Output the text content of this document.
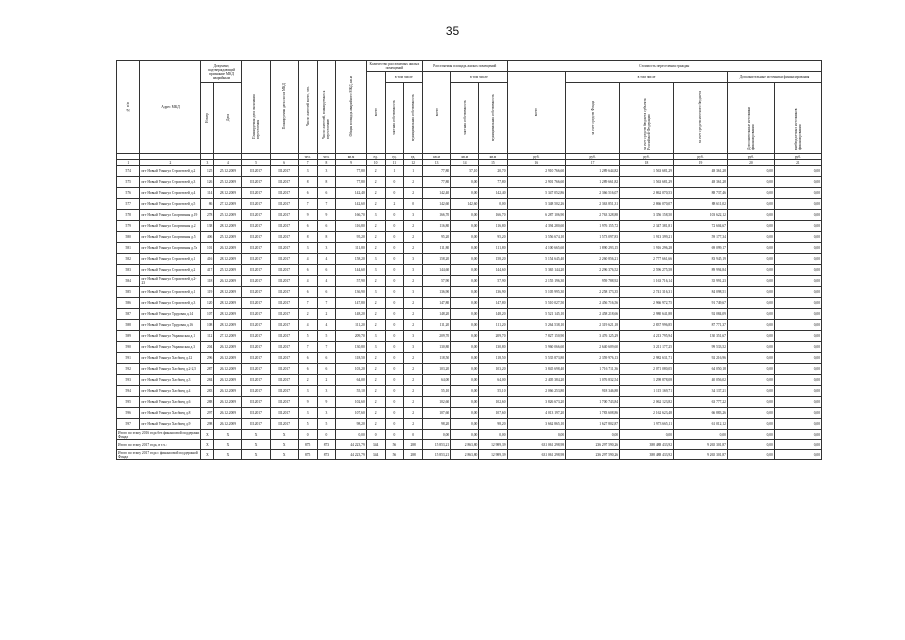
35
№ п/п	Адрес МКД	Документ, подтверждающий признание МКД аварийным		Планируемая дата окончания переселения	Планируемая дата сноса МКД	Число жителей всего, чел.	Число жителей, планируемых к переселению	Общая площадь аварийного МКД, кв.м	Количество расселяемых жилых помещений			Расселяемая площадь жилых помещений			Стоимость переселения граждан					
									всего	в том числе		всего	в том числе		всего	в том числе			Дополнительные источники финансирования	
		Номер	Дата							частная собственность	муниципальная собственность		частная собственность	муниципальная собственность		за счет средств Фонда	за счет средств бюджета субъекта Российской Федерации	за счет средств местного бюджета	Дополнительные источники финансирования	внебюджетных источников финансирования
						чел.	чел.	кв.м	ед.	ед.	ед.	кв.м	кв.м	кв.м	руб.	руб.	руб.	руб.	руб.	руб.
1	2	3	4	5	6	7	8	9	10	11	12	13	14	15	16	17	18	19	20	21
574	пгт Новый Уоянгул Строителей д.2	125	25.12.2009	III.2017	III.2017	3	3	77,80	2	1	1	77,80	57,10	20,70	2 910 766,60	1 289 644,82	1 563 681,29	48 361,28	0,00	0,00
575	пгт Новый Уоянгул Строителей д.3	126	25.12.2009	III.2017	III.2017	8	8	77,80	2	0	2	77,80	0,00	77,80	2 901 766,60	1 289 661,82	1 563 681,29	48 361,28	0,00	0,00
576	пгт Новый Уоянгул Строителей д.4	114	28.12.2009	III.2017	III.2017	6	6	142,40	2	0	2	142,40	0,00	142,40	5 347 052,86	2 366 516,07	2 862 070,53	88 737,46	0,00	0,00
577	пгт Новый Уоянгул Строителей д.5	86	27.12.2009	III.2017	III.2017	7	7	142,60	2	2	0	142,60	142,60	0,00	5 348 502,26	2 363 851,31	2 866 070,07	88 611,02	0,00	0,00
578	пгт Новый Уоянгул Спортивная д.19	278	25.12.2009	III.2017	III.2017	9	9	166,70	3	0	3	166,70	0,00	166,70	6 287 106,90	2 763 328,88	3 356 158,50	103 622,12	0,00	0,00
579	пгт Новый Уоянгул Спортивная д.2	138	28.12.2009	III.2017	III.2017	6	6	116,80	2	0	2	116,80	0,00	116,80	4 394 280,60	1 976 155,72	2 347 381,81	72 604,67	0,00	0,00
580	пгт Новый Уоянгул Спортивная д.5	406	25.12.2009	III.2017	III.2017	8	8	95,20	2	0	2	95,20	0,00	95,20	3 556 674,10	1 573 097,83	1 913 399,21	59 177,34	0,00	0,00
581	пгт Новый Уоянгул Спортивная д.7а	101	26.12.2009	III.2017	III.2017	3	3	111,80	2	0	2	111,80	0,00	111,80	4 100 665,60	1 890 293,15	1 916 296,28	69 099,17	0,00	0,00
582	пгт Новый Уоянгул Строителей д.1	416	28.12.2009	III.2017	III.2017	4	4	158,20	3	0	3	158,20	0,00	158,20	5 154 645,40	2 260 856,21	2 777 661,66	83 945,19	0,00	0,00
583	пгт Новый Уоянгул Строителей д.2	417	25.12.2009	III.2017	III.2017	6	6	144,60	3	0	3	144,60	0,00	144,60	5 365 144,20	2 296 376,52	2 596 275,58	89 994,84	0,00	0,00
584	пгт Новый Уоянгул Строителей д.2-23	118	26.12.2009	III.2017	III.2017	4	4	57,90	2	0	2	57,90	0,00	57,90	2 155 196,30	959 788,92	1 163 716,14	35 991,23	0,00	0,00
585	пгт Новый Уоянгул Строителей д.1	119	28.12.2009	III.2017	III.2017	6	6	136,90	3	0	3	136,90	0,00	136,90	5 105 995,30	2 258 173,35	2 741 316,31	84 098,51	0,00	0,00
586	пгт Новый Уоянгул Строителей д.3	120	28.12.2009	III.2017	III.2017	7	7	147,80	2	0	2	147,80	0,00	147,80	5 510 027,50	2 456 716,56	2 966 972,75	91 749,67	0,00	0,00
587	пгт Новый Уоянгул Трудовая д.14	107	28.12.2009	III.2017	III.2017	2	2	148,20	2	0	2	148,20	0,00	148,20	5 521 145,10	2 458 218,66	2 980 641,88	92 084,09	0,00	0,00
588	пгт Новый Уоянгул Трудовая д.16	108	28.12.2009	III.2017	III.2017	4	4	111,20	2	0	2	111,20	0,00	111,20	5 264 538,10	2 319 621,18	2 837 996,85	87 771,37	0,00	0,00
589	пгт Новый Уоянгул Украинская д.1	112	27.12.2009	III.2017	III.2017	5	5	209,70	3	0	3	209,70	0,00	209,70	7 827 150,90	3 476 125,29	4 213 795,94	130 351,67	0,00	0,00
590	пгт Новый Уоянгул Украинская д.3	204	26.12.2009	III.2017	III.2017	7	7	130,80	3	0	3	130,80	0,00	130,80	5 960 066,60	2 640 609,60	3 211 177,25	99 533,52	0,00	0,00
591	пгт Новый Уоянгул Хасбиец д.12	296	26.12.2009	III.2017	III.2017	6	6	118,50	2	0	2	118,50	0,00	118,50	5 535 873,80	2 359 976,13	2 982 631,71	92 216,96	0,00	0,00
592	пгт Новый Уоянгул Хасбиец д.2-2,5	287	26.12.2009	III.2017	III.2017	6	6	103,20	2	0	2	103,20	0,00	103,20	3 845 698,40	1 716 711,36	2 071 080,05	64 050,18	0,00	0,00
593	пгт Новый Уоянгул Хасбиец д.3	284	26.12.2009	III.2017	III.2017	2	2	64,00	2	0	2	64,00	0,00	64,00	2 405 384,20	1 076 832,54	1 298 878,08	40 056,02	0,00	0,00
594	пгт Новый Уоянгул Хасбиец д.4	283	26.12.2009	III.2017	III.2017	3	3	55,10	2	0	2	55,10	0,00	55,10	2 066 253,80	918 346,88	1 115 169,71	34 137,21	0,00	0,00
595	пгт Новый Уоянгул Хасбиец д.6	288	26.12.2009	III.2017	III.2017	9	9	102,60	2	0	2	102,60	0,00	102,60	3 826 673,20	1 700 743,84	2 062 123,82	63 777,22	0,00	0,00
596	пгт Новый Уоянгул Хасбиец д.8	297	26.12.2009	III.2017	III.2017	3	3	107,60	2	0	2	107,60	0,00	107,60	4 013 197,20	1 783 608,86	2 162 623,48	66 883,26	0,00	0,00
597	пгт Новый Уоянгул Хасбиец д.9	298	26.12.2009	III.2017	III.2017	5	5	98,20	2	0	2	98,20	0,00	98,20	3 662 865,10	1 627 802,87	1 973 665,11	61 012,12	0,00	0,00
Итого по этапу 2016 года без финансовой поддержки Фонда		X	X	X	X	0	0	0,00	0	0	0	0,00	0,00	0,00	0,00	0,00	0,00	0,00	0,00	0,00
Итого по этапу 2017 года, в т.ч.:		X	X	X	X	875	873	44 223,79	344	56	288	15 853,21	2 863,80	12 989,39	631 061 298,98	236 297 590,26	388 488 433,92	9 265 301,87	0,00	0,00
Итого по этапу 2017 года с финансовой поддержкой Фонда		X	X	X	X	875	873	44 223,79	344	56	288	15 853,21	2 863,80	12 989,39	631 061 298,98	236 297 590,26	388 488 433,92	9 265 301,87	0,00	0,00
